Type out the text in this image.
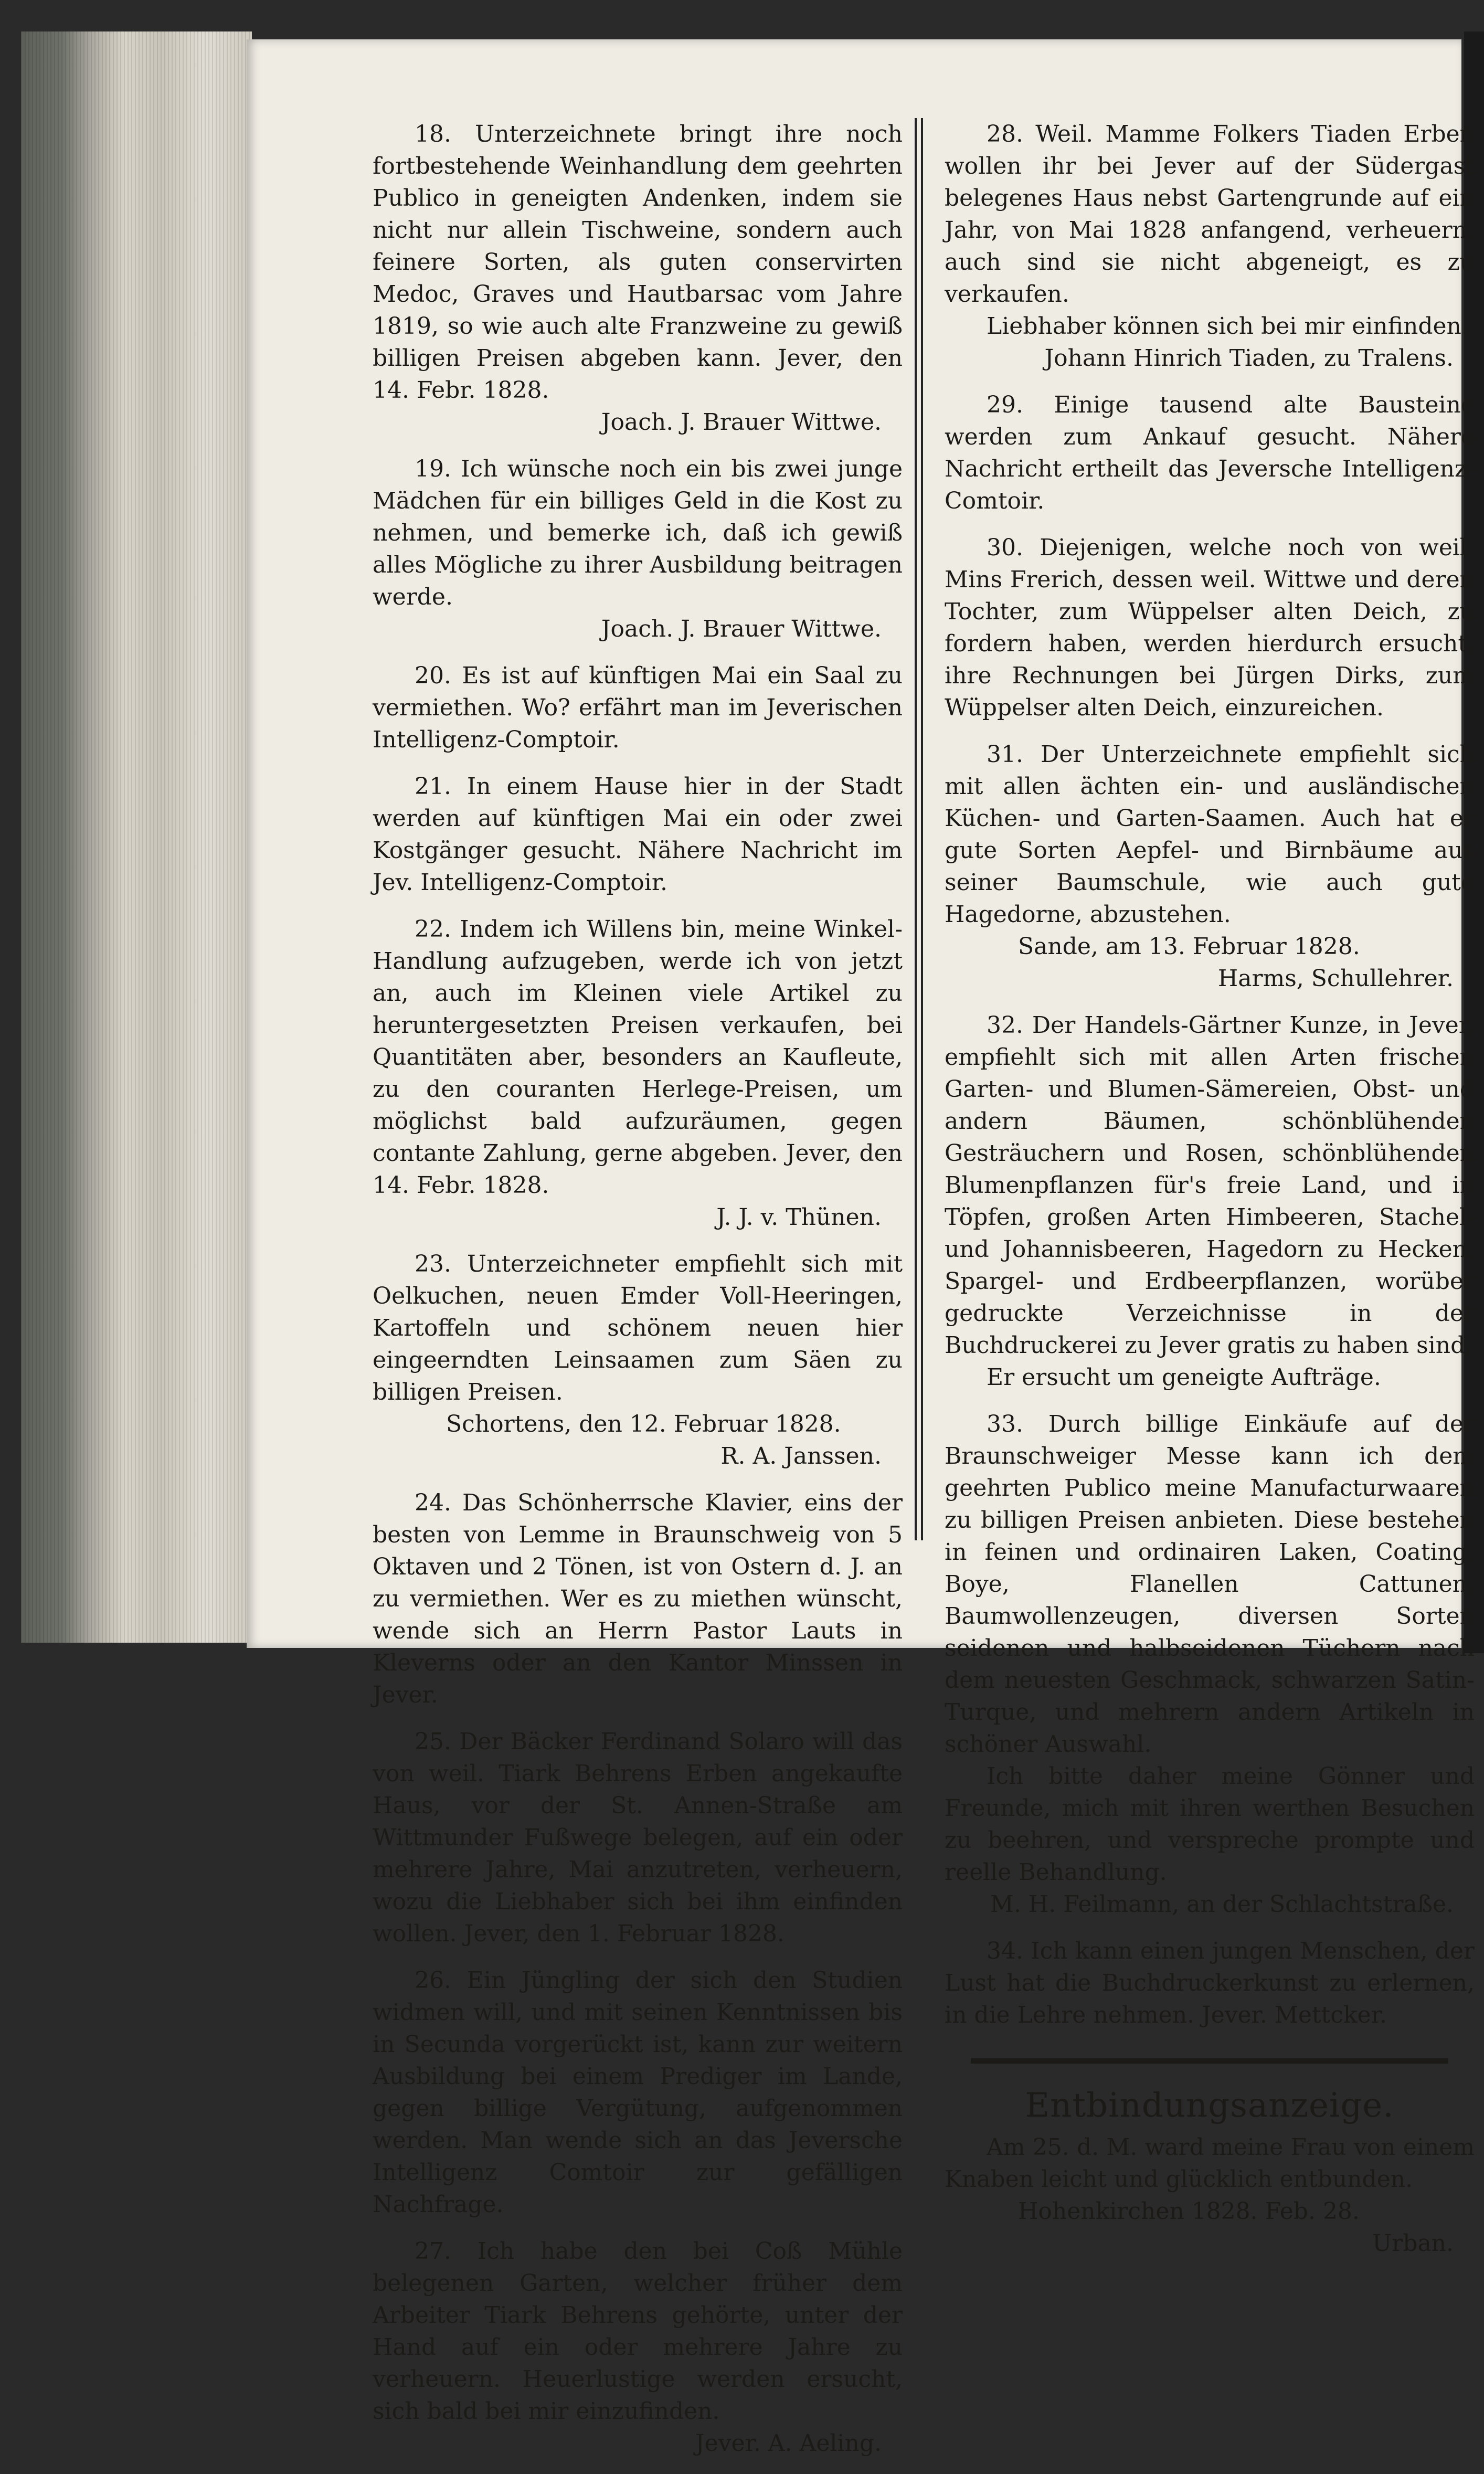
18. Unterzeichnete bringt ihre noch fortbestehende Weinhandlung dem geehrten Publico in geneigten Andenken, indem sie nicht nur allein Tischweine, sondern auch feinere Sorten, als guten conservirten Medoc, Graves und Hautbarsac vom Jahre 1819, so wie auch alte Franzweine zu gewiß billigen Preisen abgeben kann. Jever, den 14. Febr. 1828.

Joach. J. Brauer Wittwe.

19. Ich wünsche noch ein bis zwei junge Mädchen für ein billiges Geld in die Kost zu nehmen, und bemerke ich, daß ich gewiß alles Mögliche zu ihrer Ausbildung beitragen werde.

Joach. J. Brauer Wittwe.

20. Es ist auf künftigen Mai ein Saal zu vermiethen. Wo? erfährt man im Jeverischen Intelligenz-Comptoir.

21. In einem Hause hier in der Stadt werden auf künftigen Mai ein oder zwei Kostgänger gesucht. Nähere Nachricht im Jev. Intelligenz-Comptoir.

22. Indem ich Willens bin, meine Winkel-Handlung aufzugeben, werde ich von jetzt an, auch im Kleinen viele Artikel zu heruntergesetzten Preisen verkaufen, bei Quantitäten aber, besonders an Kaufleute, zu den couranten Herlege-Preisen, um möglichst bald aufzuräumen, gegen contante Zahlung, gerne abgeben. Jever, den 14. Febr. 1828.

J. J. v. Thünen.

23. Unterzeichneter empfiehlt sich mit Oelkuchen, neuen Emder Voll-Heeringen, Kartoffeln und schönem neuen hier eingeerndten Leinsaamen zum Säen zu billigen Preisen.

Schortens, den 12. Februar 1828.

R. A. Janssen.

24. Das Schönherrsche Klavier, eins der besten von Lemme in Braunschweig von 5 Oktaven und 2 Tönen, ist von Ostern d. J. an zu vermiethen. Wer es zu miethen wünscht, wende sich an Herrn Pastor Lauts in Kleverns oder an den Kantor Minssen in Jever.

25. Der Bäcker Ferdinand Solaro will das von weil. Tiark Behrens Erben angekaufte Haus, vor der St. Annen-Straße am Wittmunder Fußwege belegen, auf ein oder mehrere Jahre, Mai anzutreten, verheuern, wozu die Liebhaber sich bei ihm einfinden wollen. Jever, den 1. Februar 1828.

26. Ein Jüngling der sich den Studien widmen will, und mit seinen Kenntnissen bis in Secunda vorgerückt ist, kann zur weitern Ausbildung bei einem Prediger im Lande, gegen billige Vergütung, aufgenommen werden. Man wende sich an das Jeversche Intelligenz Comtoir zur gefälligen Nachfrage.

27. Ich habe den bei Coß Mühle belegenen Garten, welcher früher dem Arbeiter Tiark Behrens gehörte, unter der Hand auf ein oder mehrere Jahre zu verheuern. Heuerlustige werden ersucht, sich bald bei mir einzufinden.

Jever. A. Aeling.

28. Weil. Mamme Folkers Tiaden Erben wollen ihr bei Jever auf der Südergast belegenes Haus nebst Gartengrunde auf ein Jahr, von Mai 1828 anfangend, verheuern, auch sind sie nicht abgeneigt, es zu verkaufen.

Liebhaber können sich bei mir einfinden.

Johann Hinrich Tiaden, zu Tralens.

29. Einige tausend alte Bausteine werden zum Ankauf gesucht. Nähere Nachricht ertheilt das Jeversche Intelligenz-Comtoir.

30. Diejenigen, welche noch von weil. Mins Frerich, dessen weil. Wittwe und deren Tochter, zum Wüppelser alten Deich, zu fordern haben, werden hierdurch ersucht, ihre Rechnungen bei Jürgen Dirks, zum Wüppelser alten Deich, einzureichen.

31. Der Unterzeichnete empfiehlt sich mit allen ächten ein- und ausländischen Küchen- und Garten-Saamen. Auch hat er gute Sorten Aepfel- und Birnbäume aus seiner Baumschule, wie auch gute Hagedorne, abzustehen.

Sande, am 13. Februar 1828.

Harms, Schullehrer.

32. Der Handels-Gärtner Kunze, in Jever, empfiehlt sich mit allen Arten frischen Garten- und Blumen-Sämereien, Obst- und andern Bäumen, schönblühenden Gesträuchern und Rosen, schönblühenden Blumenpflanzen für's freie Land, und in Töpfen, großen Arten Himbeeren, Stachel- und Johannisbeeren, Hagedorn zu Hecken, Spargel- und Erdbeerpflanzen, worüber gedruckte Verzeichnisse in der Buchdruckerei zu Jever gratis zu haben sind.

Er ersucht um geneigte Aufträge.

33. Durch billige Einkäufe auf der Braunschweiger Messe kann ich dem geehrten Publico meine Manufacturwaaren zu billigen Preisen anbieten. Diese bestehen in feinen und ordinairen Laken, Coating, Boye, Flanellen Cattunen, Baumwollenzeugen, diversen Sorten seidenen und halbseidenen Tüchern nach dem neuesten Geschmack, schwarzen Satin-Turque, und mehrern andern Artikeln in schöner Auswahl.

Ich bitte daher meine Gönner und Freunde, mich mit ihren werthen Besuchen zu beehren, und verspreche prompte und reelle Behandlung.

M. H. Feilmann, an der Schlachtstraße.

34. Ich kann einen jungen Menschen, der Lust hat die Buchdruckerkunst zu erlernen, in die Lehre nehmen. Jever. Mettcker.

Entbindungsanzeige.

Am 25. d. M. ward meine Frau von einem Knaben leicht und glücklich entbunden.

Hohenkirchen 1828. Feb. 28.

Urban.
